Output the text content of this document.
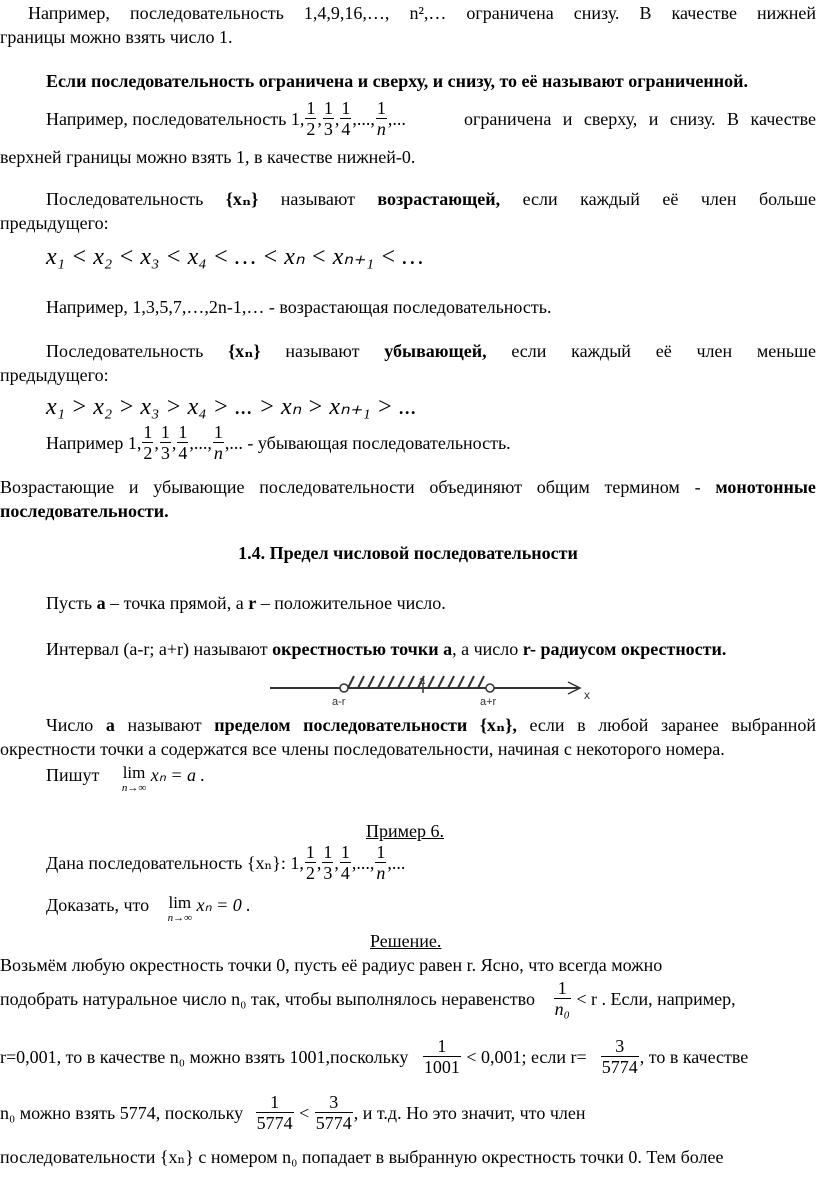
Например, последовательность 1,4,9,16,…, n²,… ограничена снизу. В качестве нижней
границы можно взять число 1.
Если последовательность ограничена и сверху, и снизу, то её называют ограниченной.
Например, последовательность 1, $\frac{1}{2}$ , $\frac{1}{3}$ , $\frac{1}{4}$ ,..., $\frac{1}{n}$ ,...	ограничена и сверху, и снизу. В качестве
верхней границы можно взять 1, в качестве нижней-0.
Последовательность {xₙ} называют возрастающей, если каждый её член больше
предыдущего:
x₁ < x₂ < x₃ < x₄ < … < xₙ < xₙ₊₁ < …
Например, 1,3,5,7,…,2n-1,… - возрастающая последовательность.
Последовательность {xₙ} называют убывающей, если каждый её член меньше
предыдущего:
x₁ > x₂ > x₃ > x₄ > ... > xₙ > xₙ₊₁ > ...
Например 1, $\frac{1}{2}$ , $\frac{1}{3}$ , $\frac{1}{4}$ ,..., $\frac{1}{n}$ ,... - убывающая последовательность.
Возрастающие и убывающие последовательности объединяют общим термином - монотонные
последовательности.
1.4. Предел числовой последовательности
Пусть a – точка прямой, а r – положительное число.
Интервал (a-r; a+r) называют окрестностью точки a, а число r- радиусом окрестности.
a-r
a
a+r	x
Число a называют пределом последовательности {xₙ}, если в любой заранее выбранной
окрестности точки a содержатся все члены последовательности, начиная с некоторого номера.
Пишут lim
n→∞
xₙ = a .
Пример 6.
Дана последовательность {xₙ}: 1, $\frac{1}{2}$ , $\frac{1}{3}$ , $\frac{1}{4}$ ,..., $\frac{1}{n}$ ,...
Доказать, что lim
n→∞
xₙ = 0 .
Решение.
Возьмём любую окрестность точки 0, пусть её радиус равен r. Ясно, что всегда можно
подобрать натуральное число n₀ так, чтобы выполнялось неравенство $\frac{1}{\text{n₀}} < r$ . Если, например,
r=0,001, то в качестве n₀ можно взять 1001,поскольку $\frac{1}{1001} < 0,001$; если $r= \frac{3}{5774}$ , то в качестве
n₀ можно взять 5774, поскольку $\frac{1}{5774} < \frac{3}{5774}$ , и т.д. Но это значит, что член
последовательности {xₙ} с номером n₀ попадает в выбранную окрестность точки 0. Тем более
